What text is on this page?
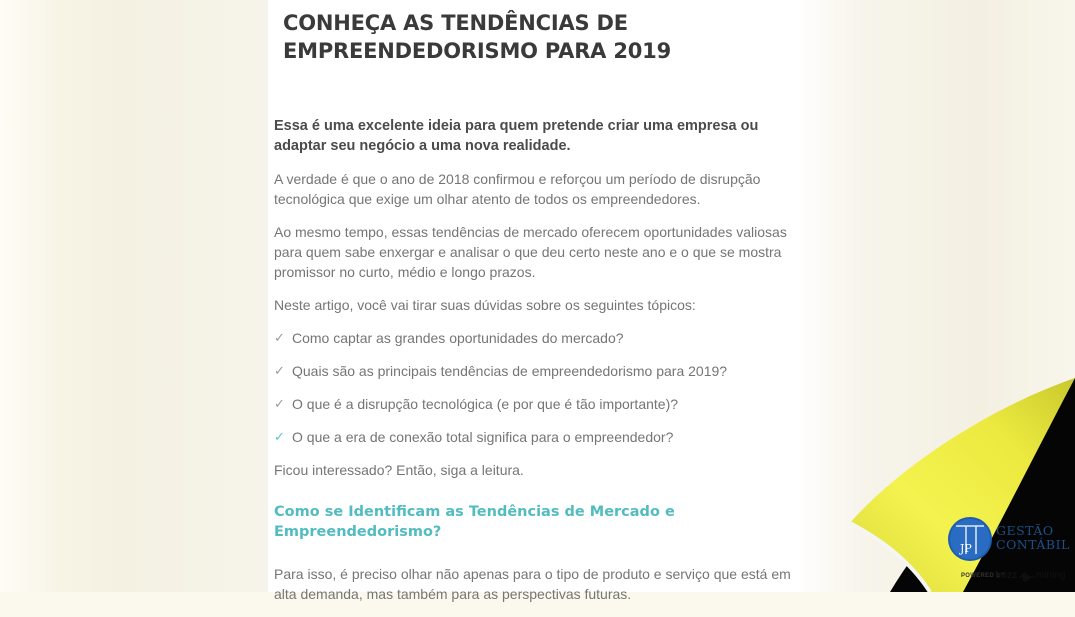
CONHEÇA AS TENDÊNCIAS DE
EMPREENDEDORISMO PARA 2019

Essa é uma excelente ideia para quem pretende criar uma empresa ou adaptar seu negócio a uma nova realidade.

A verdade é que o ano de 2018 confirmou e reforçou um período de disrupção tecnológica que exige um olhar atento de todos os empreendedores.

Ao mesmo tempo, essas tendências de mercado oferecem oportunidades valiosas para quem sabe enxergar e analisar o que deu certo neste ano e o que se mostra promissor no curto, médio e longo prazos.

Neste artigo, você vai tirar suas dúvidas sobre os seguintes tópicos:

✓ Como captar as grandes oportunidades do mercado?

✓ Quais são as principais tendências de empreendedorismo para 2019?

✓ O que é a disrupção tecnológica (e por que é tão importante)?

✓ O que a era de conexão total significa para o empreendedor?

Ficou interessado? Então, siga a leitura.

Como se Identificam as Tendências de Mercado e Empreendedorismo?

Para isso, é preciso olhar não apenas para o tipo de produto e serviço que está em alta demanda, mas também para as perspectivas futuras.

JP
GESTÃO
CONTÁBIL
POWERED BY
buzz mining
